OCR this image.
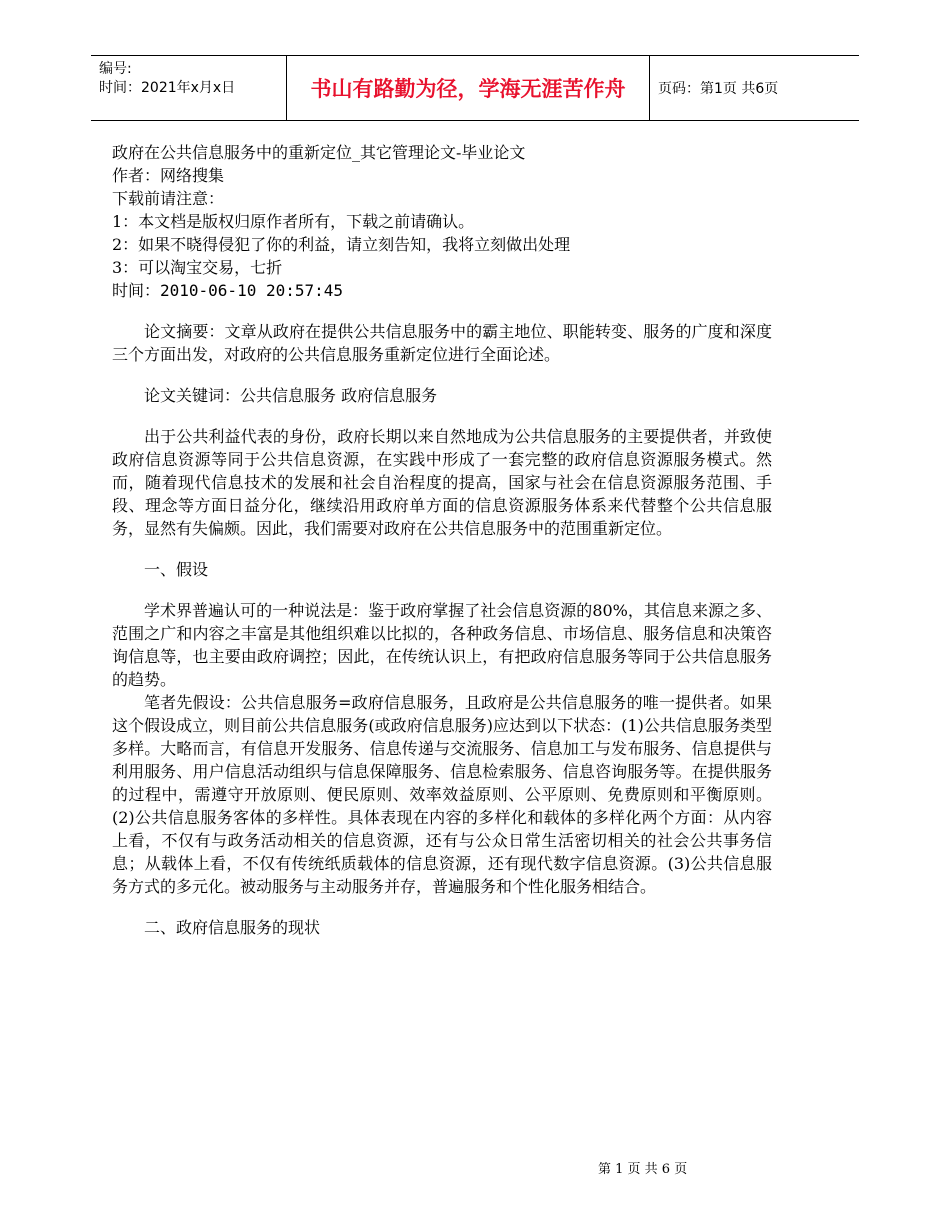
编号:
时间：2021年x月x日	书山有路勤为径，学海无涯苦作舟	页码：第1页 共6页
政府在公共信息服务中的重新定位_其它管理论文-毕业论文
作者：网络搜集
下载前请注意：
1：本文档是版权归原作者所有，下载之前请确认。
2：如果不晓得侵犯了你的利益，请立刻告知，我将立刻做出处理
3：可以淘宝交易，七折
时间：2010-06-10 20:57:45
论文摘要：文章从政府在提供公共信息服务中的霸主地位、职能转变、服务的广度和深度三个方面出发，对政府的公共信息服务重新定位进行全面论述。
论文关键词：公共信息服务 政府信息服务
出于公共利益代表的身份，政府长期以来自然地成为公共信息服务的主要提供者，并致使政府信息资源等同于公共信息资源，在实践中形成了一套完整的政府信息资源服务模式。然而，随着现代信息技术的发展和社会自治程度的提高，国家与社会在信息资源服务范围、手段、理念等方面日益分化，继续沿用政府单方面的信息资源服务体系来代替整个公共信息服务，显然有失偏颇。因此，我们需要对政府在公共信息服务中的范围重新定位。
一、假设
学术界普遍认可的一种说法是：鉴于政府掌握了社会信息资源的80%，其信息来源之多、范围之广和内容之丰富是其他组织难以比拟的，各种政务信息、市场信息、服务信息和决策咨询信息等，也主要由政府调控；因此，在传统认识上，有把政府信息服务等同于公共信息服务的趋势。
笔者先假设：公共信息服务=政府信息服务，且政府是公共信息服务的唯一提供者。如果这个假设成立，则目前公共信息服务(或政府信息服务)应达到以下状态：(1)公共信息服务类型多样。大略而言，有信息开发服务、信息传递与交流服务、信息加工与发布服务、信息提供与利用服务、用户信息活动组织与信息保障服务、信息检索服务、信息咨询服务等。在提供服务的过程中，需遵守开放原则、便民原则、效率效益原则、公平原则、免费原则和平衡原则。(2)公共信息服务客体的多样性。具体表现在内容的多样化和载体的多样化两个方面：从内容上看，不仅有与政务活动相关的信息资源，还有与公众日常生活密切相关的社会公共事务信息；从载体上看，不仅有传统纸质载体的信息资源，还有现代数字信息资源。(3)公共信息服务方式的多元化。被动服务与主动服务并存，普遍服务和个性化服务相结合。
二、政府信息服务的现状
第 1 页 共 6 页
